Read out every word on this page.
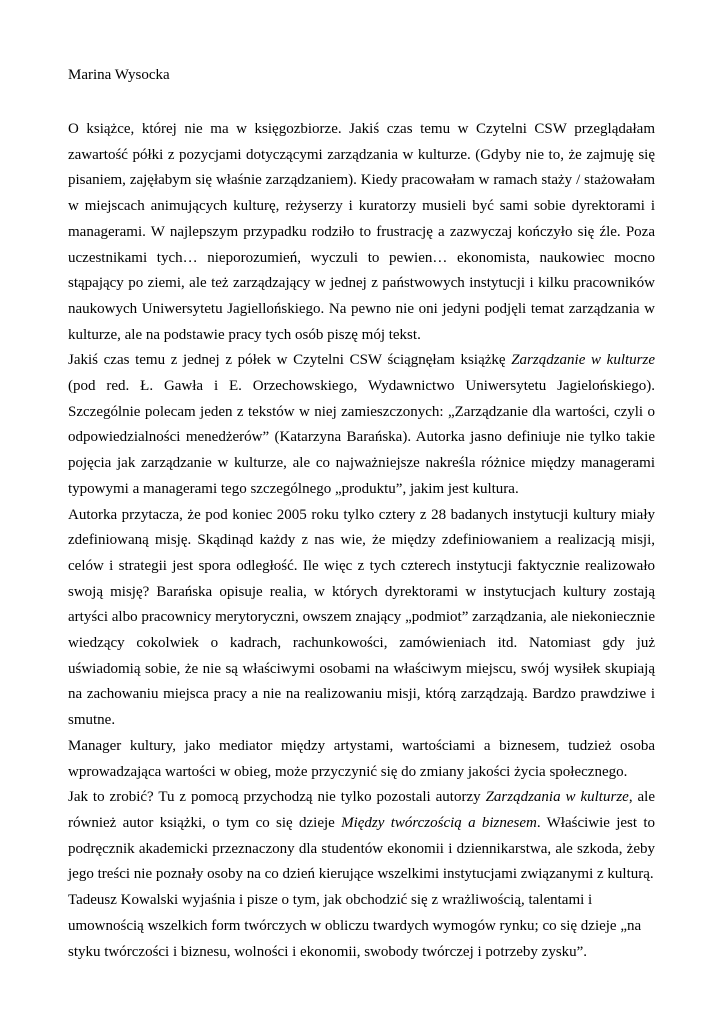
Marina Wysocka

O książce, której nie ma w księgozbiorze. Jakiś czas temu w Czytelni CSW przeglądałam zawartość półki z pozycjami dotyczącymi zarządzania w kulturze. (Gdyby nie to, że zajmuję się pisaniem, zajęłabym się właśnie zarządzaniem). Kiedy pracowałam w ramach staży / stażowałam w miejscach animujących kulturę, reżyserzy i kuratorzy musieli być sami sobie dyrektorami i managerami. W najlepszym przypadku rodziło to frustrację a zazwyczaj kończyło się źle. Poza uczestnikami tych… nieporozumień, wyczuli to pewien… ekonomista, naukowiec mocno stąpający po ziemi, ale też zarządzający w jednej z państwowych instytucji i kilku pracowników naukowych Uniwersytetu Jagiellońskiego. Na pewno nie oni jedyni podjęli temat zarządzania w kulturze, ale na podstawie pracy tych osób piszę mój tekst.

Jakiś czas temu z jednej z półek w Czytelni CSW ściągnęłam książkę Zarządzanie w kulturze (pod red. Ł. Gawła i E. Orzechowskiego, Wydawnictwo Uniwersytetu Jagielońskiego). Szczególnie polecam jeden z tekstów w niej zamieszczonych: „Zarządzanie dla wartości, czyli o odpowiedzialności menedżerów” (Katarzyna Barańska). Autorka jasno definiuje nie tylko takie pojęcia jak zarządzanie w kulturze, ale co najważniejsze nakreśla różnice między managerami typowymi a managerami tego szczególnego „produktu”, jakim jest kultura.

Autorka przytacza, że pod koniec 2005 roku tylko cztery z 28 badanych instytucji kultury miały zdefiniowaną misję. Skądinąd każdy z nas wie, że między zdefiniowaniem a realizacją misji, celów i strategii jest spora odległość. Ile więc z tych czterech instytucji faktycznie realizowało swoją misję? Barańska opisuje realia, w których dyrektorami w instytucjach kultury zostają artyści albo pracownicy merytoryczni, owszem znający „podmiot” zarządzania, ale niekoniecznie wiedzący cokolwiek o kadrach, rachunkowości, zamówieniach itd. Natomiast gdy już uświadomią sobie, że nie są właściwymi osobami na właściwym miejscu, swój wysiłek skupiają na zachowaniu miejsca pracy a nie na realizowaniu misji, którą zarządzają. Bardzo prawdziwe i smutne.

Manager kultury, jako mediator między artystami, wartościami a biznesem, tudzież osoba wprowadzająca wartości w obieg, może przyczynić się do zmiany jakości życia społecznego.

Jak to zrobić? Tu z pomocą przychodzą nie tylko pozostali autorzy Zarządzania w kulturze, ale również autor książki, o tym co się dzieje Między twórczością a biznesem. Właściwie jest to podręcznik akademicki przeznaczony dla studentów ekonomii i dziennikarstwa, ale szkoda, żeby jego treści nie poznały osoby na co dzień kierujące wszelkimi instytucjami związanymi z kulturą.

Tadeusz Kowalski wyjaśnia i pisze o tym, jak obchodzić się z wrażliwością, talentami i umownością wszelkich form twórczych w obliczu twardych wymogów rynku; co się dzieje „na styku twórczości i biznesu, wolności i ekonomii, swobody twórczej i potrzeby zysku”.
